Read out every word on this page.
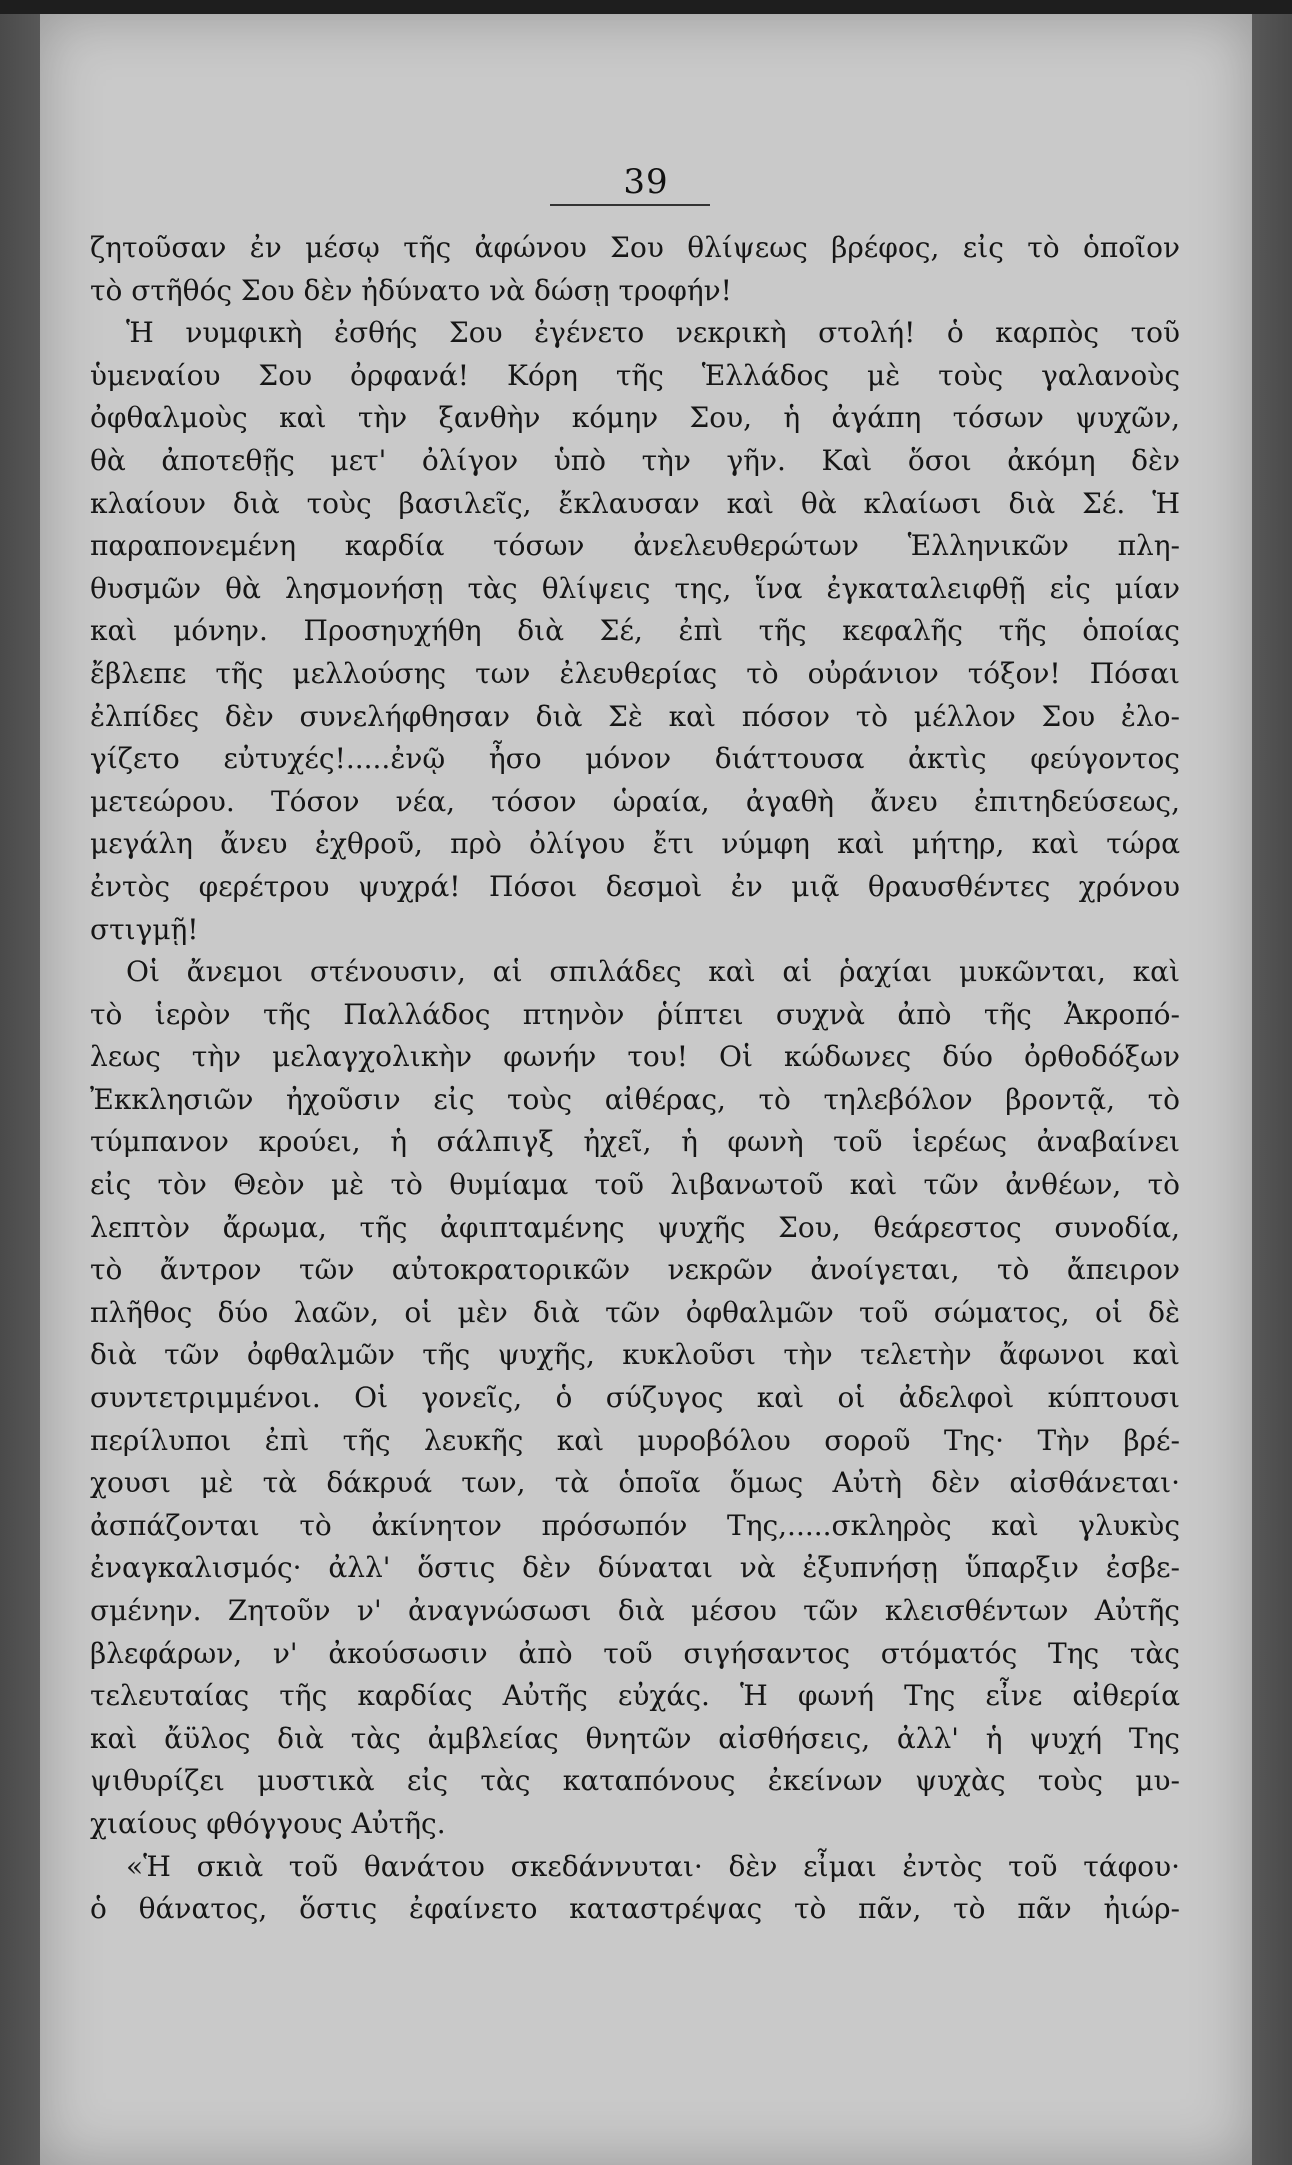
39
ζητοῦσαν ἐν μέσῳ τῆς ἀφώνου Σου θλίψεως βρέφος, εἰς τὸ ὁποῖον
τὸ στῆθός Σου δὲν ἠδύνατο νὰ δώσῃ τροφήν!
Ἡ νυμφικὴ ἐσθής Σου ἐγένετο νεκρικὴ στολή! ὁ καρπὸς τοῦ
ὑμεναίου Σου ὀρφανά! Κόρη τῆς Ἑλλάδος μὲ τοὺς γαλανοὺς
ὀφθαλμοὺς καὶ τὴν ξανθὴν κόμην Σου, ἡ ἀγάπη τόσων ψυχῶν,
θὰ ἀποτεθῇς μετ' ὀλίγον ὑπὸ τὴν γῆν. Καὶ ὅσοι ἀκόμη δὲν
κλαίουν διὰ τοὺς βασιλεῖς, ἔκλαυσαν καὶ θὰ κλαίωσι διὰ Σέ. Ἡ
παραπονεμένη καρδία τόσων ἀνελευθερώτων Ἑλληνικῶν πλη-
θυσμῶν θὰ λησμονήσῃ τὰς θλίψεις της, ἵνα ἐγκαταλειφθῇ εἰς μίαν
καὶ μόνην. Προσηυχήθη διὰ Σέ, ἐπὶ τῆς κεφαλῆς τῆς ὁποίας
ἔβλεπε τῆς μελλούσης των ἐλευθερίας τὸ οὐράνιον τόξον! Πόσαι
ἐλπίδες δὲν συνελήφθησαν διὰ Σὲ καὶ πόσον τὸ μέλλον Σου ἐλο-
γίζετο εὐτυχές!.....ἐνῷ ἦσο μόνον διάττουσα ἀκτὶς φεύγοντος
μετεώρου. Τόσον νέα, τόσον ὡραία, ἀγαθὴ ἄνευ ἐπιτηδεύσεως,
μεγάλη ἄνευ ἐχθροῦ, πρὸ ὀλίγου ἔτι νύμφη καὶ μήτηρ, καὶ τώρα
ἐντὸς φερέτρου ψυχρά! Πόσοι δεσμοὶ ἐν μιᾷ θραυσθέντες χρόνου
στιγμῇ!
Οἱ ἄνεμοι στένουσιν, αἱ σπιλάδες καὶ αἱ ῥαχίαι μυκῶνται, καὶ
τὸ ἱερὸν τῆς Παλλάδος πτηνὸν ῥίπτει συχνὰ ἀπὸ τῆς Ἀκροπό-
λεως τὴν μελαγχολικὴν φωνήν του! Οἱ κώδωνες δύο ὀρθοδόξων
Ἐκκλησιῶν ἠχοῦσιν εἰς τοὺς αἰθέρας, τὸ τηλεβόλον βροντᾷ, τὸ
τύμπανον κρούει, ἡ σάλπιγξ ἠχεῖ, ἡ φωνὴ τοῦ ἱερέως ἀναβαίνει
εἰς τὸν Θεὸν μὲ τὸ θυμίαμα τοῦ λιβανωτοῦ καὶ τῶν ἀνθέων, τὸ
λεπτὸν ἄρωμα, τῆς ἀφιπταμένης ψυχῆς Σου, θεάρεστος συνοδία,
τὸ ἄντρον τῶν αὐτοκρατορικῶν νεκρῶν ἀνοίγεται, τὸ ἄπειρον
πλῆθος δύο λαῶν, οἱ μὲν διὰ τῶν ὀφθαλμῶν τοῦ σώματος, οἱ δὲ
διὰ τῶν ὀφθαλμῶν τῆς ψυχῆς, κυκλοῦσι τὴν τελετὴν ἄφωνοι καὶ
συντετριμμένοι. Οἱ γονεῖς, ὁ σύζυγος καὶ οἱ ἀδελφοὶ κύπτουσι
περίλυποι ἐπὶ τῆς λευκῆς καὶ μυροβόλου σοροῦ Της· Τὴν βρέ-
χουσι μὲ τὰ δάκρυά των, τὰ ὁποῖα ὅμως Αὐτὴ δὲν αἰσθάνεται·
ἀσπάζονται τὸ ἀκίνητον πρόσωπόν Της,.....σκληρὸς καὶ γλυκὺς
ἐναγκαλισμός· ἀλλ' ὅστις δὲν δύναται νὰ ἐξυπνήσῃ ὕπαρξιν ἐσβε-
σμένην. Ζητοῦν ν' ἀναγνώσωσι διὰ μέσου τῶν κλεισθέντων Αὐτῆς
βλεφάρων, ν' ἀκούσωσιν ἀπὸ τοῦ σιγήσαντος στόματός Της τὰς
τελευταίας τῆς καρδίας Αὐτῆς εὐχάς. Ἡ φωνή Της εἶνε αἰθερία
καὶ ἄϋλος διὰ τὰς ἀμβλείας θνητῶν αἰσθήσεις, ἀλλ' ἡ ψυχή Της
ψιθυρίζει μυστικὰ εἰς τὰς καταπόνους ἐκείνων ψυχὰς τοὺς μυ-
χιαίους φθόγγους Αὐτῆς.
«Ἡ σκιὰ τοῦ θανάτου σκεδάννυται· δὲν εἶμαι ἐντὸς τοῦ τάφου·
ὁ θάνατος, ὅστις ἐφαίνετο καταστρέψας τὸ πᾶν, τὸ πᾶν ἠιώρ-
